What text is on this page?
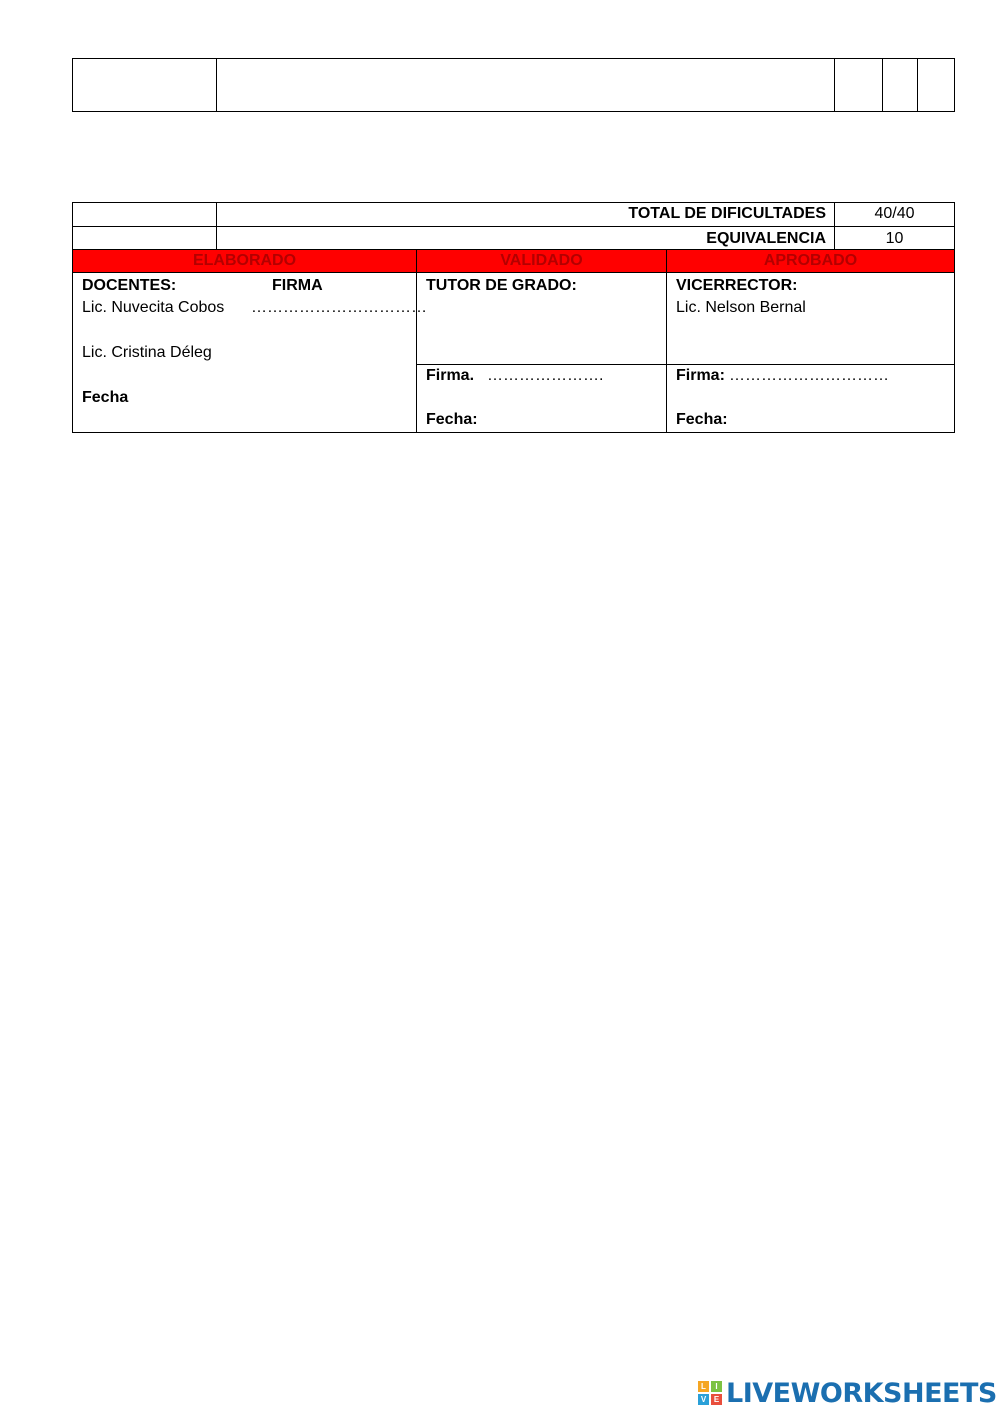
TOTAL DE DIFICULTADES	40/40
EQUIVALENCIA	10
ELABORADO	VALIDADO	APROBADO
DOCENTES:	FIRMA
Lic. Nuvecita Cobos ……………………………
Lic. Cristina Déleg
Fecha
TUTOR DE GRADO:
Firma. ………………….
Fecha:
VICERRECTOR:
Lic. Nelson Bernal
Firma: …………………………
Fecha:
L	I
V E LIVEWORKSHEETS
